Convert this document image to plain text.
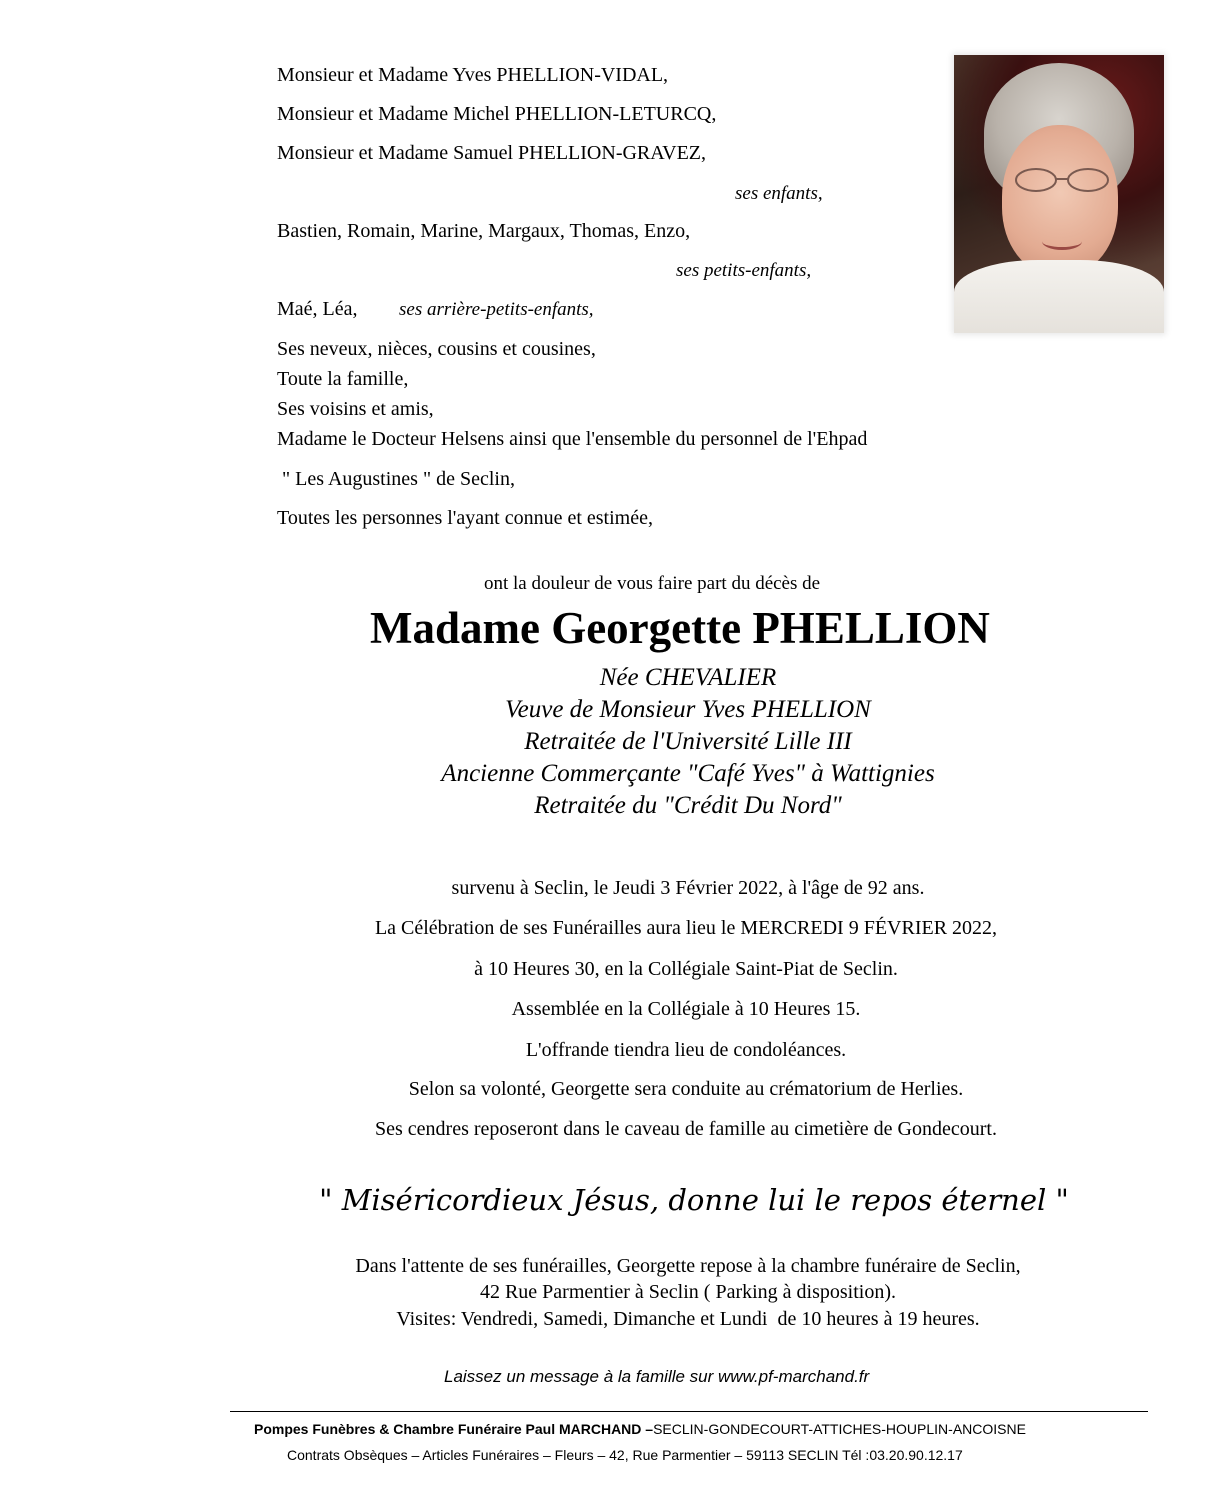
Monsieur et Madame Yves PHELLION-VIDAL,
Monsieur et Madame Michel PHELLION-LETURCQ,
Monsieur et Madame Samuel PHELLION-GRAVEZ,
ses enfants,
Bastien, Romain, Marine, Margaux, Thomas, Enzo,
ses petits-enfants,
Maé, Léa, ses arrière-petits-enfants,
Ses neveux, nièces, cousins et cousines,
Toute la famille,
Ses voisins et amis,
Madame le Docteur Helsens ainsi que l'ensemble du personnel de l'Ehpad
" Les Augustines " de Seclin,
Toutes les personnes l'ayant connue et estimée,
ont la douleur de vous faire part du décès de
Madame Georgette PHELLION
Née CHEVALIER
Veuve de Monsieur Yves PHELLION
Retraitée de l'Université Lille III
Ancienne Commerçante "Café Yves" à Wattignies
Retraitée du "Crédit Du Nord"
survenu à Seclin, le Jeudi 3 Février 2022, à l'âge de 92 ans.
La Célébration de ses Funérailles aura lieu le MERCREDI 9 FÉVRIER 2022,
à 10 Heures 30, en la Collégiale Saint-Piat de Seclin.
Assemblée en la Collégiale à 10 Heures 15.
L'offrande tiendra lieu de condoléances.
Selon sa volonté, Georgette sera conduite au crématorium de Herlies.
Ses cendres reposeront dans le caveau de famille au cimetière de Gondecourt.
" Miséricordieux Jésus, donne lui le repos éternel "
Dans l'attente de ses funérailles, Georgette repose à la chambre funéraire de Seclin,
42 Rue Parmentier à Seclin ( Parking à disposition).
Visites: Vendredi, Samedi, Dimanche et Lundi  de 10 heures à 19 heures.
Laissez un message à la famille sur www.pf-marchand.fr
Pompes Funèbres & Chambre Funéraire Paul MARCHAND –SECLIN-GONDECOURT-ATTICHES-HOUPLIN-ANCOISNE
Contrats Obsèques – Articles Funéraires – Fleurs – 42, Rue Parmentier – 59113 SECLIN Tél :03.20.90.12.17
